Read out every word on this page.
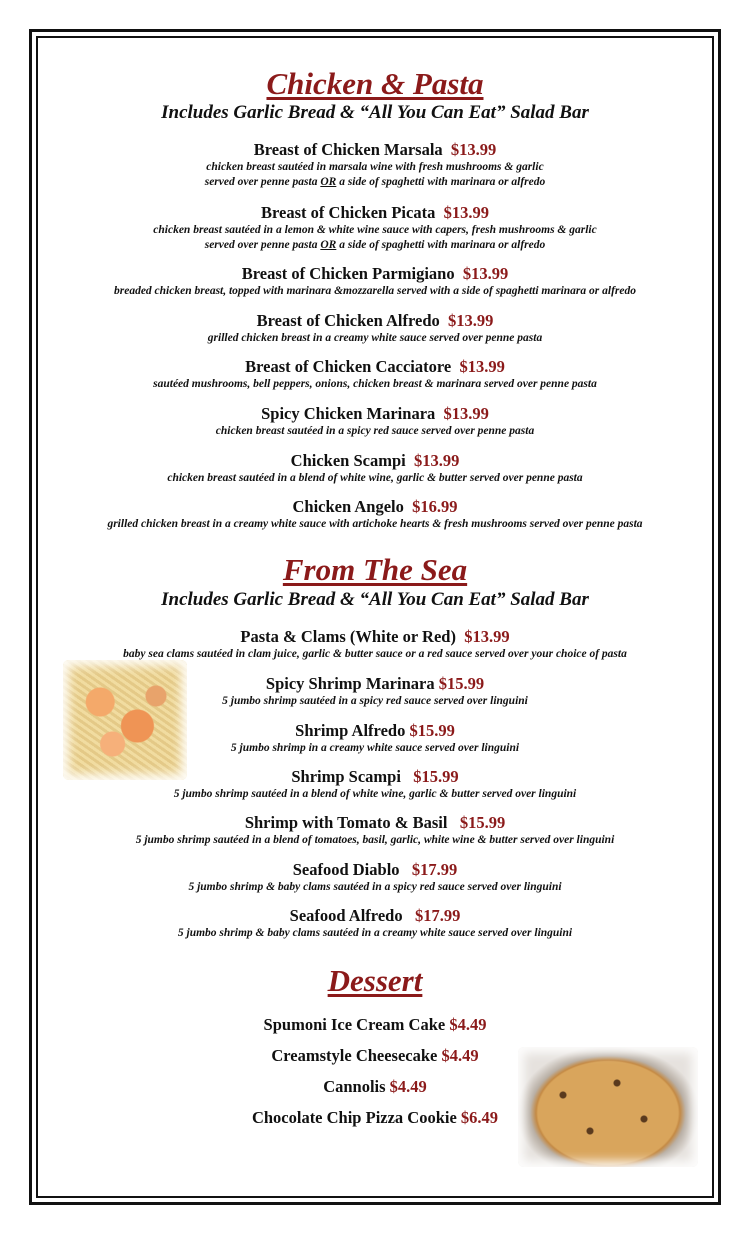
Chicken & Pasta
Includes Garlic Bread & “All You Can Eat” Salad Bar
Breast of Chicken Marsala $13.99
chicken breast sautéed in marsala wine with fresh mushrooms & garlic
served over penne pasta OR a side of spaghetti with marinara or alfredo
Breast of Chicken Picata $13.99
chicken breast sautéed in a lemon & white wine sauce with capers, fresh mushrooms & garlic
served over penne pasta OR a side of spaghetti with marinara or alfredo
Breast of Chicken Parmigiano $13.99
breaded chicken breast, topped with marinara &mozzarella served with a side of spaghetti marinara or alfredo
Breast of Chicken Alfredo $13.99
grilled chicken breast in a creamy white sauce served over penne pasta
Breast of Chicken Cacciatore $13.99
sautéed mushrooms, bell peppers, onions, chicken breast & marinara served over penne pasta
Spicy Chicken Marinara $13.99
chicken breast sautéed in a spicy red sauce served over penne pasta
Chicken Scampi $13.99
chicken breast sautéed in a blend of white wine, garlic & butter served over penne pasta
Chicken Angelo $16.99
grilled chicken breast in a creamy white sauce with artichoke hearts & fresh mushrooms served over penne pasta
From The Sea
Includes Garlic Bread & “All You Can Eat” Salad Bar
Pasta & Clams (White or Red) $13.99
baby sea clams sautéed in clam juice, garlic & butter sauce or a red sauce served over your choice of pasta
Spicy Shrimp Marinara $15.99
5 jumbo shrimp sautéed in a spicy red sauce served over linguini
Shrimp Alfredo $15.99
5 jumbo shrimp in a creamy white sauce served over linguini
Shrimp Scampi $15.99
5 jumbo shrimp sautéed in a blend of white wine, garlic & butter served over linguini
Shrimp with Tomato & Basil $15.99
5 jumbo shrimp sautéed in a blend of tomatoes, basil, garlic, white wine & butter served over linguini
Seafood Diablo $17.99
5 jumbo shrimp & baby clams sautéed in a spicy red sauce served over linguini
Seafood Alfredo $17.99
5 jumbo shrimp & baby clams sautéed in a creamy white sauce served over linguini
Dessert
Spumoni Ice Cream Cake $4.49
Creamstyle Cheesecake $4.49
Cannolis $4.49
Chocolate Chip Pizza Cookie $6.49
